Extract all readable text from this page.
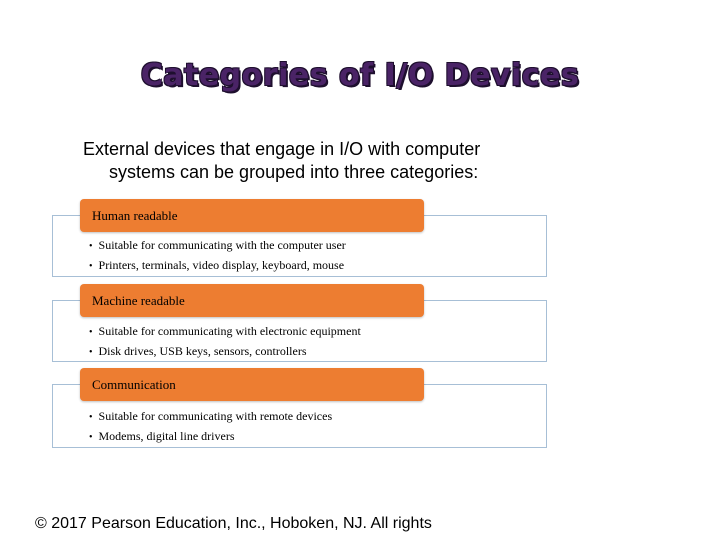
Categories of I/O Devices
External devices that engage in I/O with computer
systems can be grouped into three categories:
• Suitable for communicating with the computer user
• Printers, terminals, video display, keyboard, mouse
Human readable
• Suitable for communicating with electronic equipment
• Disk drives, USB keys, sensors, controllers
Machine readable
• Suitable for communicating with remote devices
• Modems, digital line drivers
Communication
© 2017 Pearson Education, Inc., Hoboken, NJ. All rights
